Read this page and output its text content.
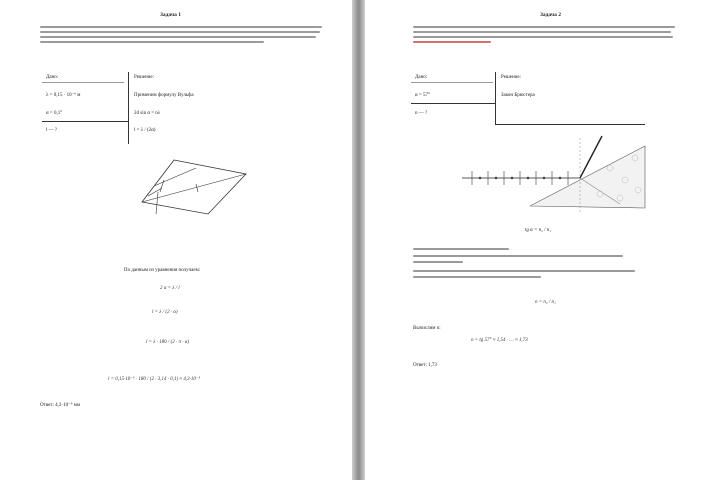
Задача 1
Дано:	Решение:
λ = 0,15 · 10⁻⁶ м	Применим формулу Вульфа
α = 0,1°	2d sin α = nλ
l — ?	l = λ / (2α)
По данным из уравнения получаем:
2 α = λ / l
l = λ / (2 · α)
l = λ · 180 / (2 · π · α)
l = 0,15·10⁻⁶ · 180 / (2 · 3,14 · 0,1) ≈ 4,3·10⁻⁵
Ответ: 4,3·10⁻⁵ мм
Задача 2
Дано:	Решение:
α = 57°	Закон Брюстера
n — ?
tg α = n₂ / n₁
n = n₂ / n₁
Вычислим n:
n = tg 57° ≈ 1,54 · … ≈ 1,73
Ответ: 1,73
